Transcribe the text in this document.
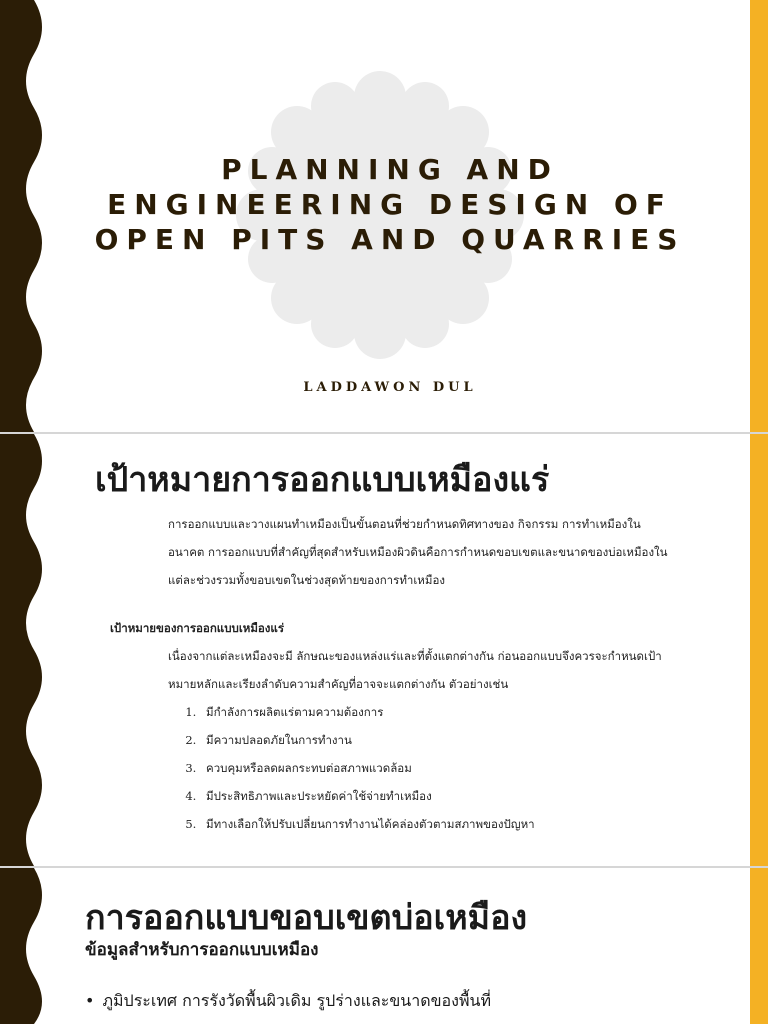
PLANNING AND ENGINEERING DESIGN OF OPEN PITS AND QUARRIES
LADDAWON DUL
เป้าหมายการออกแบบเหมืองแร่

การออกแบบและวางแผนทำเหมืองเป็นขั้นตอนที่ช่วยกำหนดทิศทางของ กิจกรรม การทำเหมืองในอนาคต การออกแบบที่สำคัญที่สุดสำหรับเหมืองผิวดินคือการกำหนดขอบเขตและขนาดของบ่อเหมืองในแต่ละช่วงรวมทั้งขอบเขตในช่วงสุดท้ายของการทำเหมือง

เป้าหมายของการออกแบบเหมืองแร่

เนื่องจากแต่ละเหมืองจะมี ลักษณะของแหล่งแร่และที่ตั้งแตกต่างกัน ก่อนออกแบบจึงควรจะกำหนดเป้าหมายหลักและเรียงลำดับความสำคัญที่อาจจะแตกต่างกัน ตัวอย่างเช่น

1. มีกำลังการผลิตแร่ตามความต้องการ
2. มีความปลอดภัยในการทำงาน
3. ควบคุมหรือลดผลกระทบต่อสภาพแวดล้อม
4. มีประสิทธิภาพและประหยัดค่าใช้จ่ายทำเหมือง
5. มีทางเลือกให้ปรับเปลี่ยนการทำงานได้คล่องตัวตามสภาพของปัญหา
การออกแบบขอบเขตบ่อเหมือง
ข้อมูลสำหรับการออกแบบเหมือง
• ภูมิประเทศ การรังวัดพื้นผิวเดิม รูปร่างและขนาดของพื้นที่
